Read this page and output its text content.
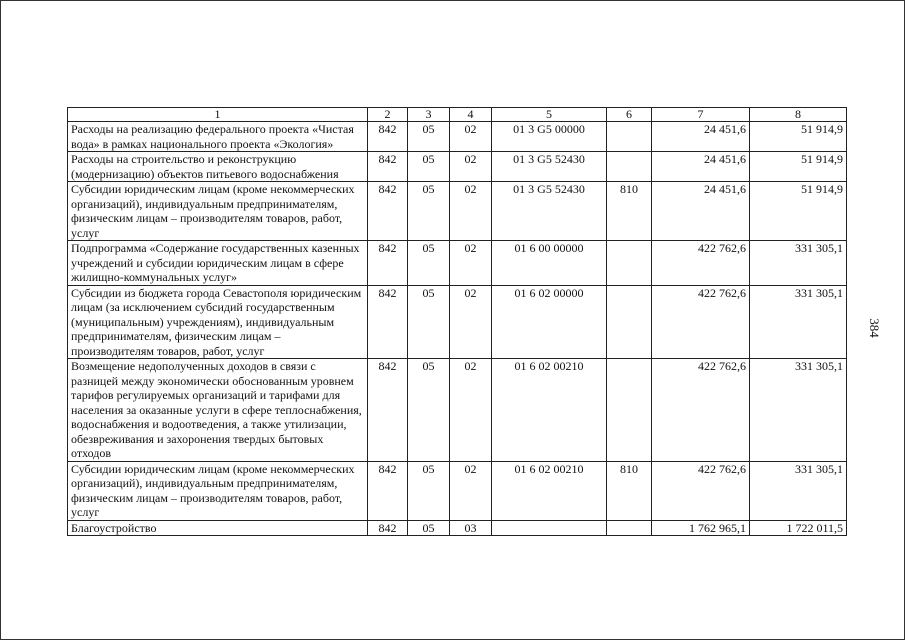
1	2	3	4	5	6	7	8
Расходы на реализацию федерального проекта «Чистая вода» в рамках национального проекта «Экология»	842	05	02	01 3 G5 00000		24 451,6	51 914,9
Расходы на строительство и реконструкцию (модернизацию) объектов питьевого водоснабжения	842	05	02	01 3 G5 52430		24 451,6	51 914,9
Субсидии юридическим лицам (кроме некоммерческих организаций), индивидуальным предпринимателям, физическим лицам – производителям товаров, работ, услуг	842	05	02	01 3 G5 52430	810	24 451,6	51 914,9
Подпрограмма «Содержание государственных казенных учреждений и субсидии юридическим лицам в сфере жилищно-коммунальных услуг»	842	05	02	01 6 00 00000		422 762,6	331 305,1
Субсидии из бюджета города Севастополя юридическим лицам (за исключением субсидий государственным (муниципальным) учреждениям), индивидуальным предпринимателям, физическим лицам – производителям товаров, работ, услуг	842	05	02	01 6 02 00000		422 762,6	331 305,1
Возмещение недополученных доходов в связи с разницей между экономически обоснованным уровнем тарифов регулируемых организаций и тарифами для населения за оказанные услуги в сфере теплоснабжения, водоснабжения и водоотведения, а также утилизации, обезвреживания и захоронения твердых бытовых отходов	842	05	02	01 6 02 00210		422 762,6	331 305,1
Субсидии юридическим лицам (кроме некоммерческих организаций), индивидуальным предпринимателям, физическим лицам – производителям товаров, работ, услуг	842	05	02	01 6 02 00210	810	422 762,6	331 305,1
Благоустройство	842	05	03			1 762 965,1	1 722 011,5
384
